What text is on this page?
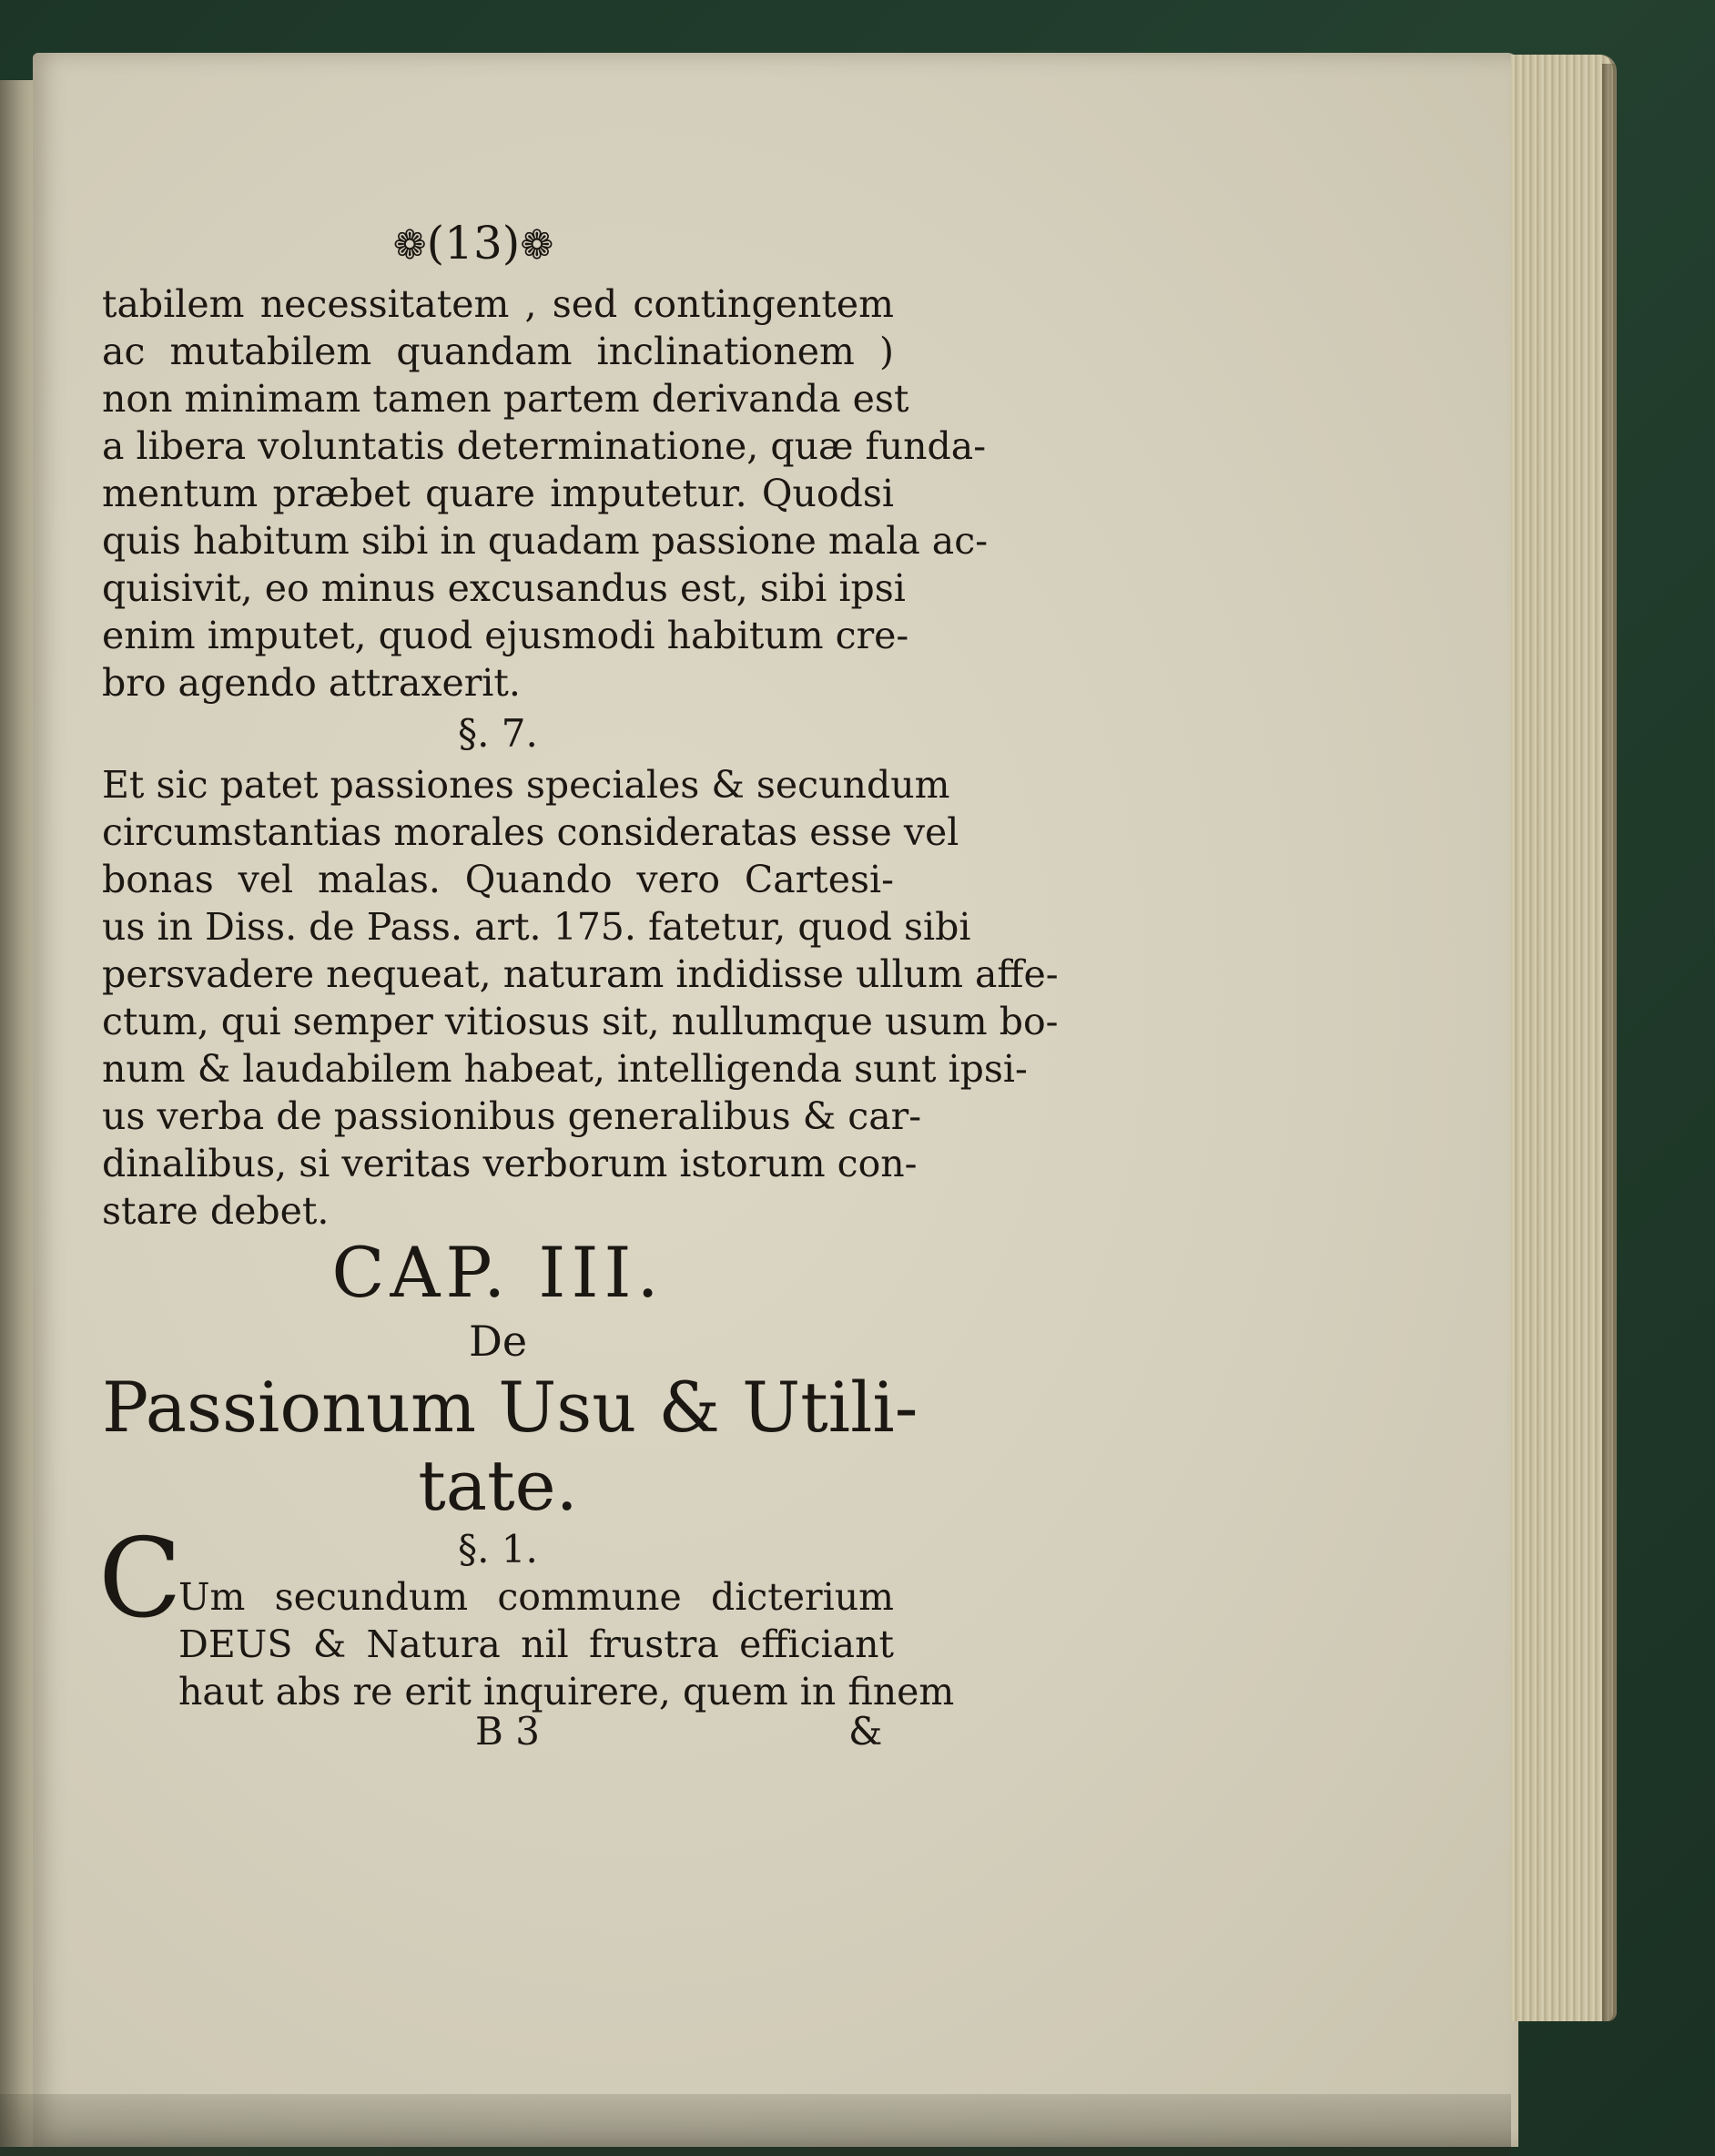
❁(13)❁
tabilem necessitatem , sed contingentem
ac mutabilem quandam inclinationem )
non minimam tamen partem derivanda est
a libera voluntatis determinatione, quæ funda-
mentum præbet quare imputetur. Quodsi
quis habitum sibi in quadam passione mala ac-
quisivit, eo minus excusandus est, sibi ipsi
enim imputet, quod ejusmodi habitum cre-
bro agendo attraxerit.
§. 7.
Et sic patet passiones speciales & secundum
circumstantias morales consideratas esse vel
bonas vel malas. Quando vero Cartesi-
us in Diss. de Pass. art. 175. fatetur, quod sibi
persvadere nequeat, naturam indidisse ullum affe-
ctum, qui semper vitiosus sit, nullumque usum bo-
num & laudabilem habeat, intelligenda sunt ipsi-
us verba de passionibus generalibus & car-
dinalibus, si veritas verborum istorum con-
stare debet.
CAP. III.
De
Passionum Usu & Utili-
tate.
§. 1.
C
Um secundum commune dicterium
DEUS & Natura nil frustra efficiant
haut abs re erit inquirere, quem in finem
B 3	&
